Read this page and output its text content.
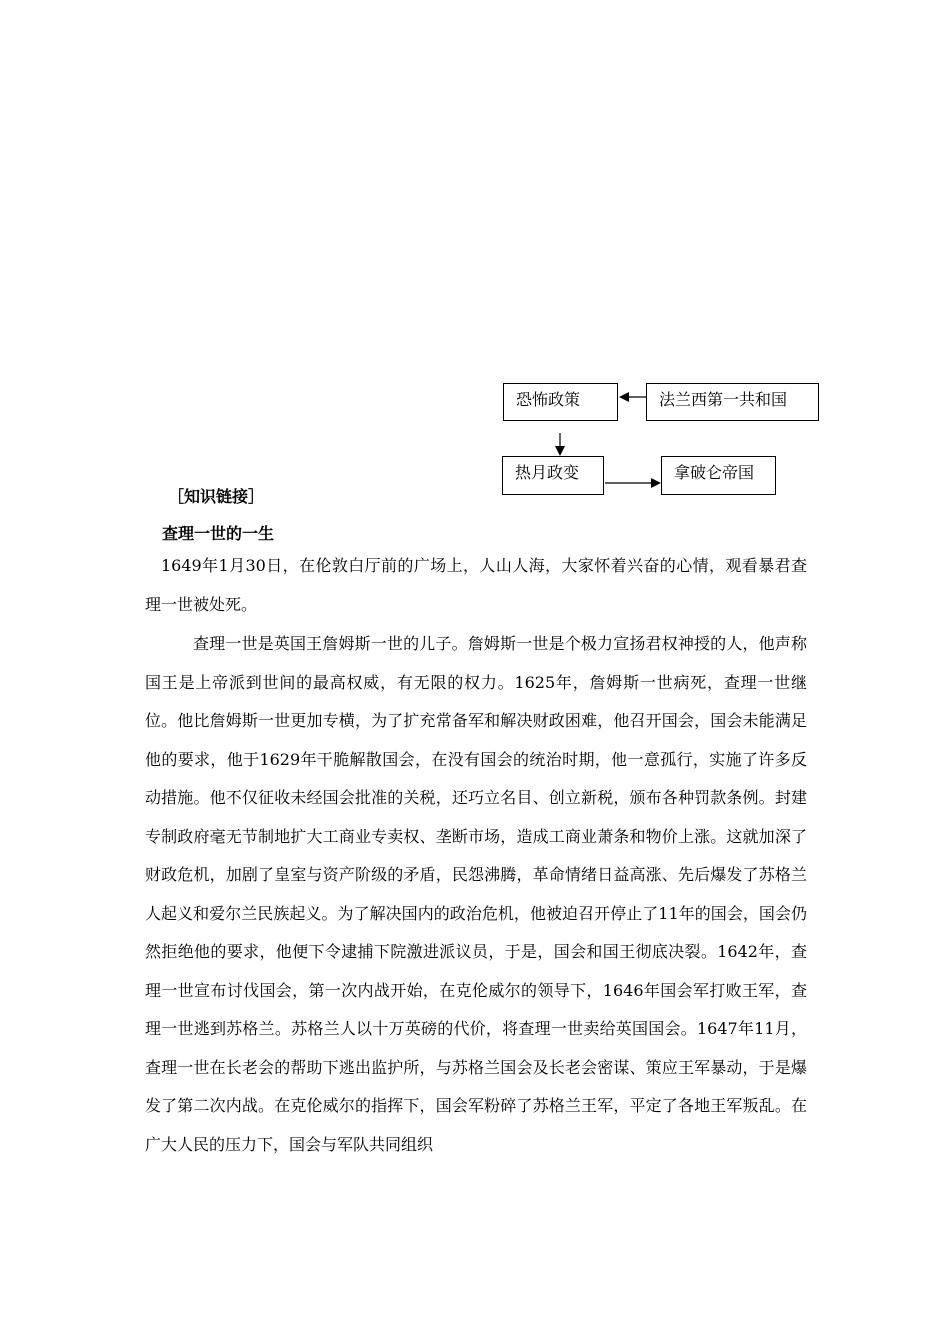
恐怖政策	法兰西第一共和国
热月政变	拿破仑帝国
［知识链接］
查理一世的一生

1649年1月30日，在伦敦白厅前的广场上，人山人海，大家怀着兴奋的心情，观看暴君查理一世被处死。

查理一世是英国王詹姆斯一世的儿子。詹姆斯一世是个极力宣扬君权神授的人，他声称国王是上帝派到世间的最高权威，有无限的权力。1625年，詹姆斯一世病死，查理一世继位。他比詹姆斯一世更加专横，为了扩充常备军和解决财政困难，他召开国会，国会未能满足他的要求，他于1629年干脆解散国会，在没有国会的统治时期，他一意孤行，实施了许多反动措施。他不仅征收未经国会批准的关税，还巧立名目、创立新税，颁布各种罚款条例。封建专制政府毫无节制地扩大工商业专卖权、垄断市场，造成工商业萧条和物价上涨。这就加深了财政危机，加剧了皇室与资产阶级的矛盾，民怨沸腾，革命情绪日益高涨、先后爆发了苏格兰人起义和爱尔兰民族起义。为了解决国内的政治危机，他被迫召开停止了11年的国会，国会仍然拒绝他的要求，他便下令逮捕下院激进派议员，于是，国会和国王彻底决裂。1642年，查理一世宣布讨伐国会，第一次内战开始，在克伦威尔的领导下，1646年国会军打败王军，查理一世逃到苏格兰。苏格兰人以十万英磅的代价，将查理一世卖给英国国会。1647年11月，查理一世在长老会的帮助下逃出监护所，与苏格兰国会及长老会密谋、策应王军暴动，于是爆发了第二次内战。在克伦威尔的指挥下，国会军粉碎了苏格兰王军，平定了各地王军叛乱。在广大人民的压力下，国会与军队共同组织
